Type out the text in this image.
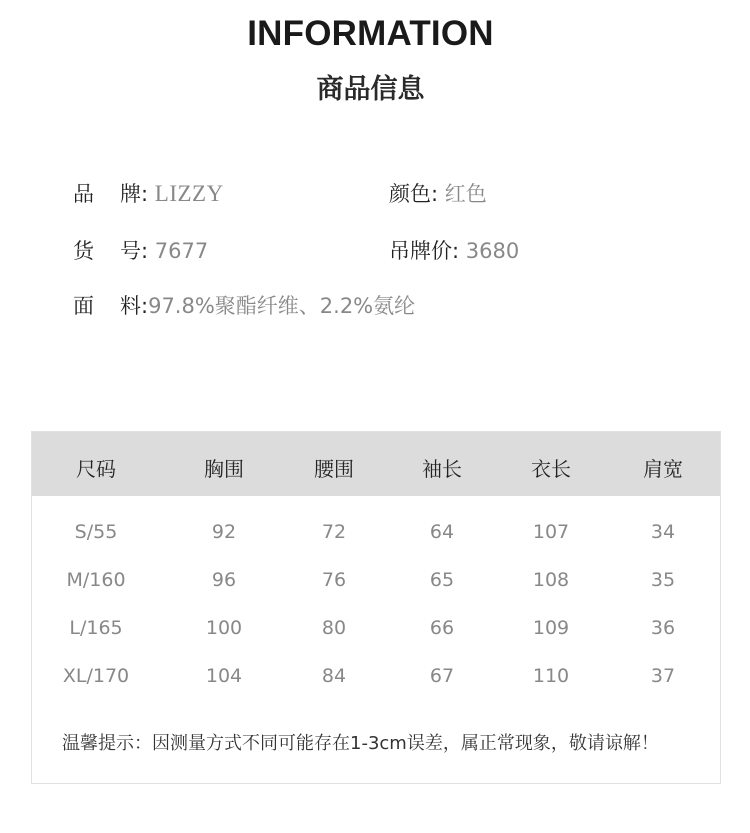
INFORMATION
商品信息
品 牌: LIZZY	颜色: 红色
货 号: 7677	吊牌价: 3680
面 料:97.8%聚酯纤维、2.2%氨纶
尺码	胸围	腰围	袖长	衣长	肩宽
S/55	92	72	64	107	34
M/160	96	76	65	108	35
L/165	100	80	66	109	36
XL/170	104	84	67	110	37
温馨提示：因测量方式不同可能存在1-3cm误差，属正常现象，敬请谅解！
